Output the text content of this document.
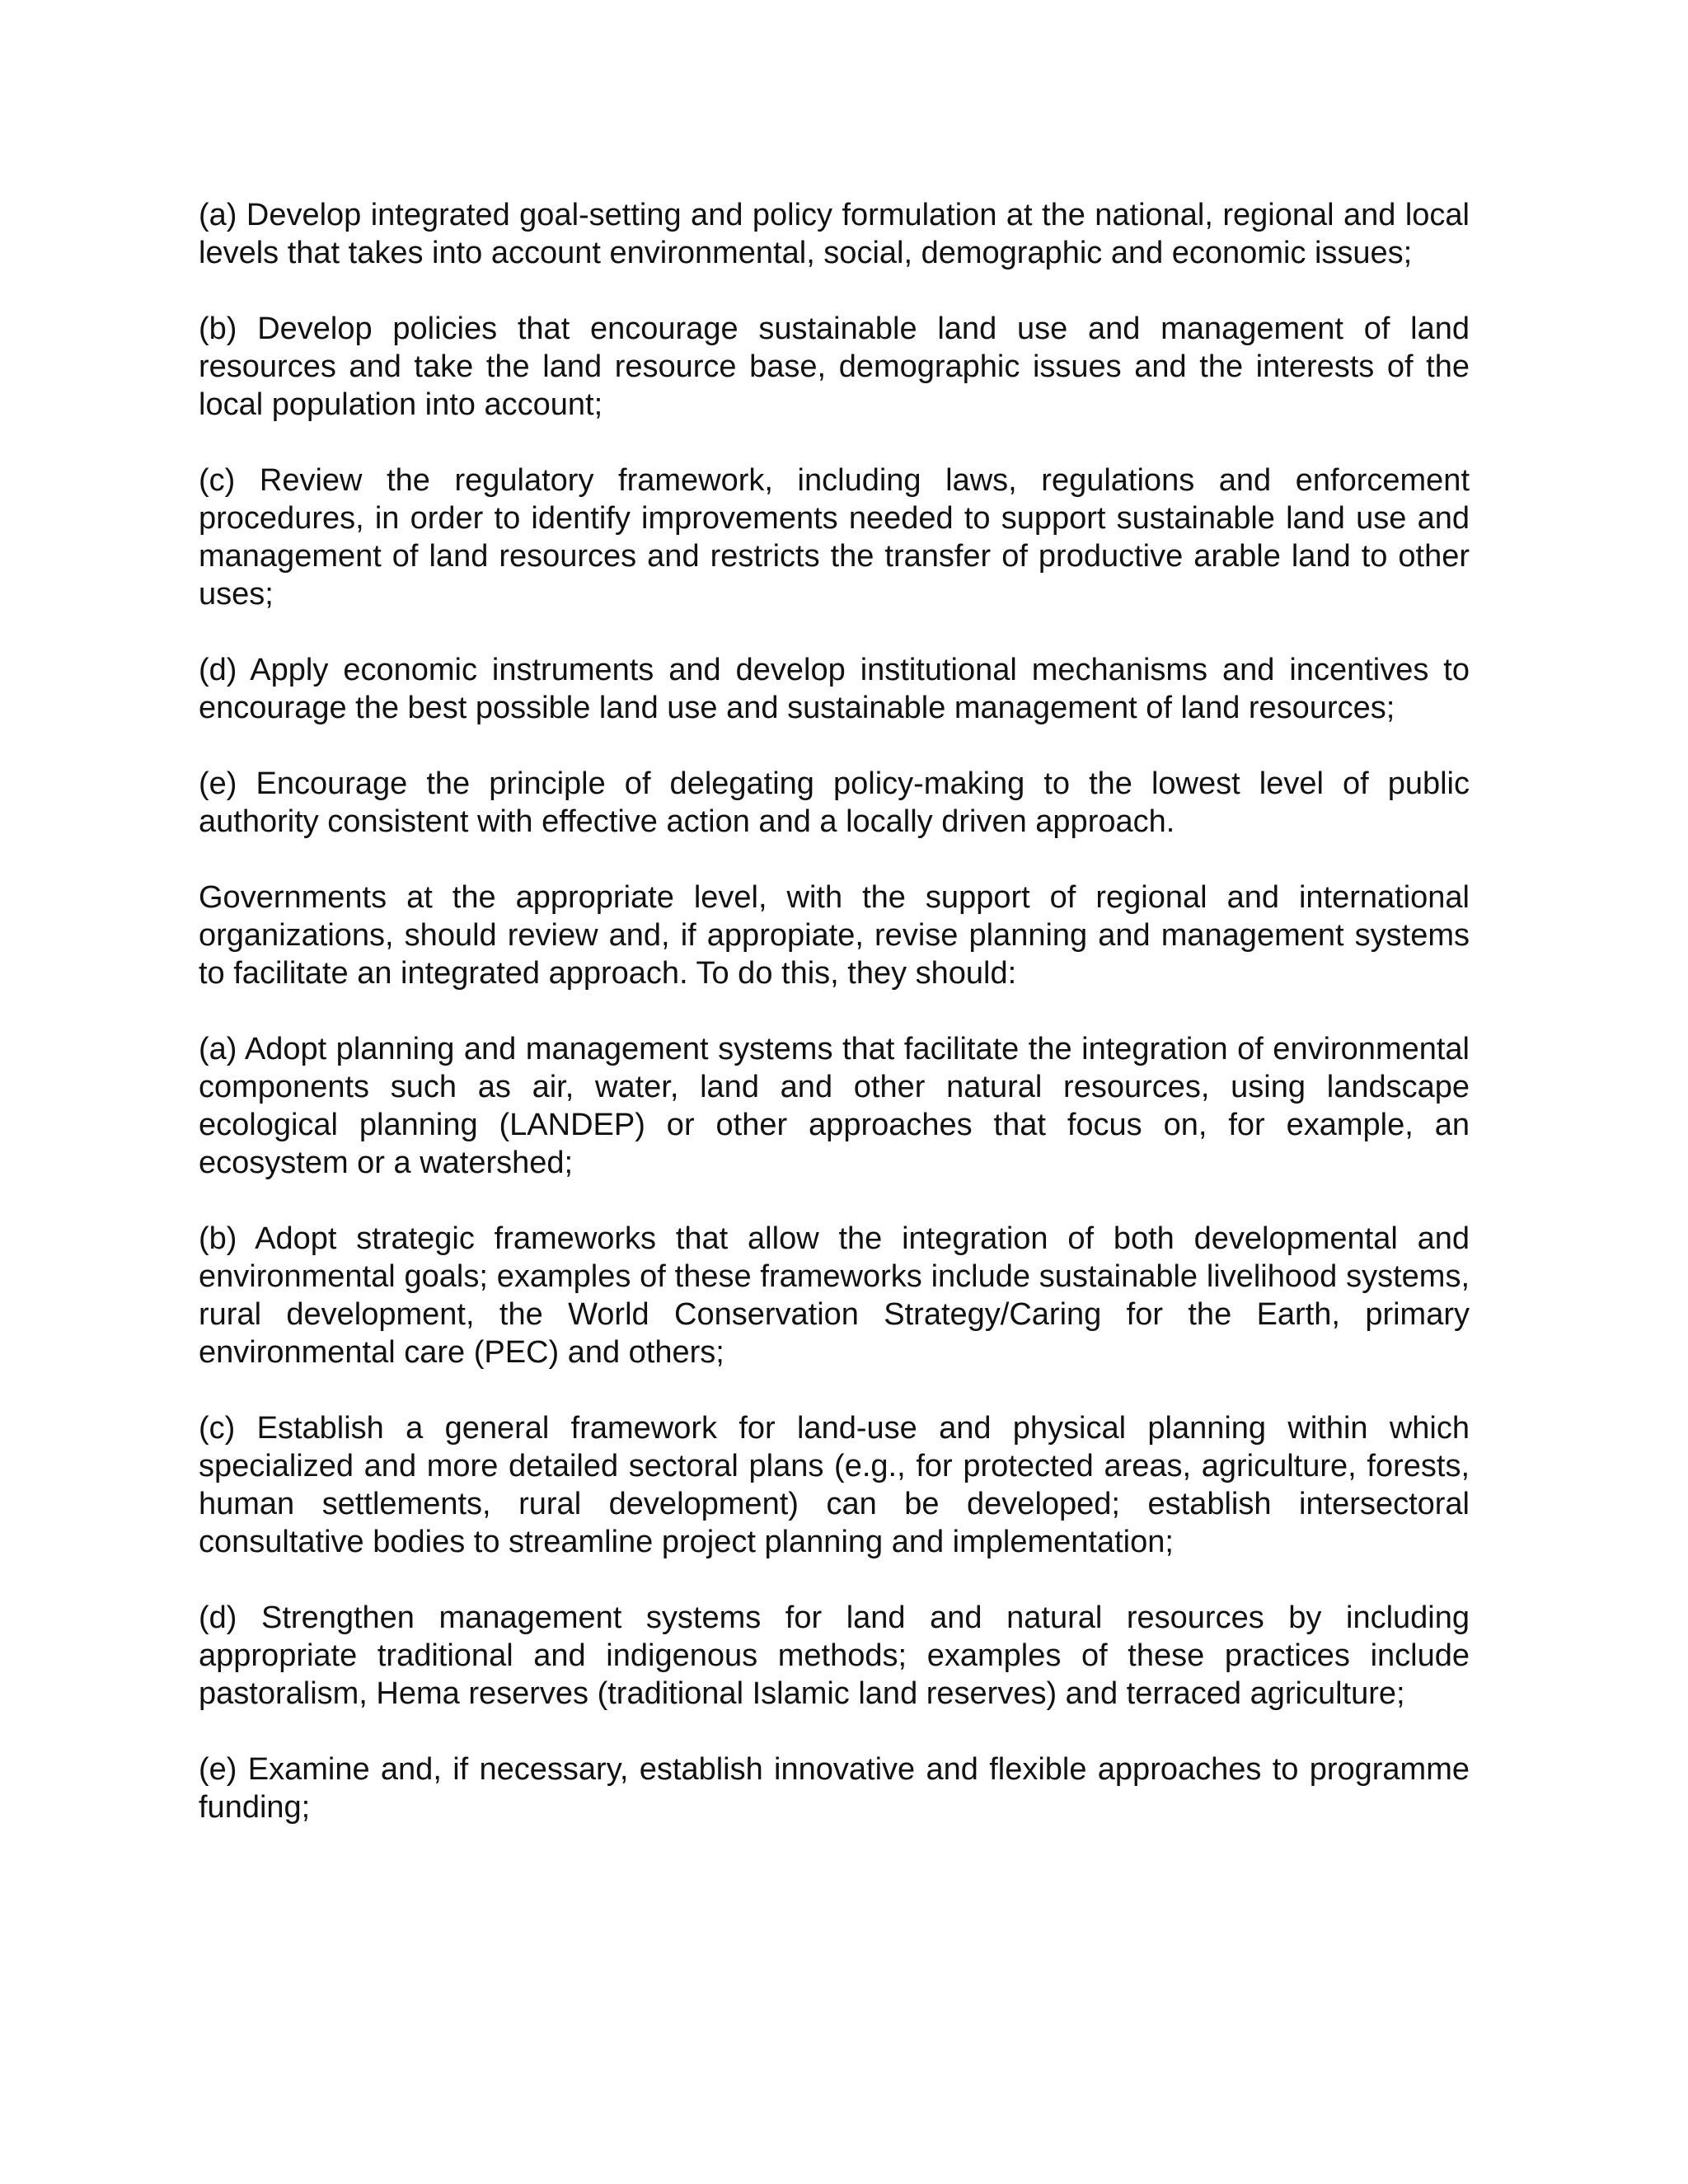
(a) Develop integrated goal-setting and policy formulation at the national, regional and local levels that takes into account environmental, social, demographic and economic issues;

(b) Develop policies that encourage sustainable land use and management of land resources and take the land resource base, demographic issues and the interests of the local population into account;

(c) Review the regulatory framework, including laws, regulations and enforcement procedures, in order to identify improvements needed to support sustainable land use and management of land resources and restricts the transfer of productive arable land to other uses;

(d) Apply economic instruments and develop institutional mechanisms and incentives to encourage the best possible land use and sustainable management of land resources;

(e) Encourage the principle of delegating policy-making to the lowest level of public authority consistent with effective action and a locally driven approach.

Governments at the appropriate level, with the support of regional and international organizations, should review and, if appropiate, revise planning and management systems to facilitate an integrated approach. To do this, they should:

(a) Adopt planning and management systems that facilitate the integration of environmental components such as air, water, land and other natural resources, using landscape ecological planning (LANDEP) or other approaches that focus on, for example, an ecosystem or a watershed;

(b) Adopt strategic frameworks that allow the integration of both developmental and environmental goals; examples of these frameworks include sustainable livelihood systems, rural development, the World Conservation Strategy/Caring for the Earth, primary environmental care (PEC) and others;

(c) Establish a general framework for land-use and physical planning within which specialized and more detailed sectoral plans (e.g., for protected areas, agriculture, forests, human settlements, rural development) can be developed; establish intersectoral consultative bodies to streamline project planning and implementation;

(d) Strengthen management systems for land and natural resources by including appropriate traditional and indigenous methods; examples of these practices include pastoralism, Hema reserves (traditional Islamic land reserves) and terraced agriculture;

(e) Examine and, if necessary, establish innovative and flexible approaches to programme funding;
